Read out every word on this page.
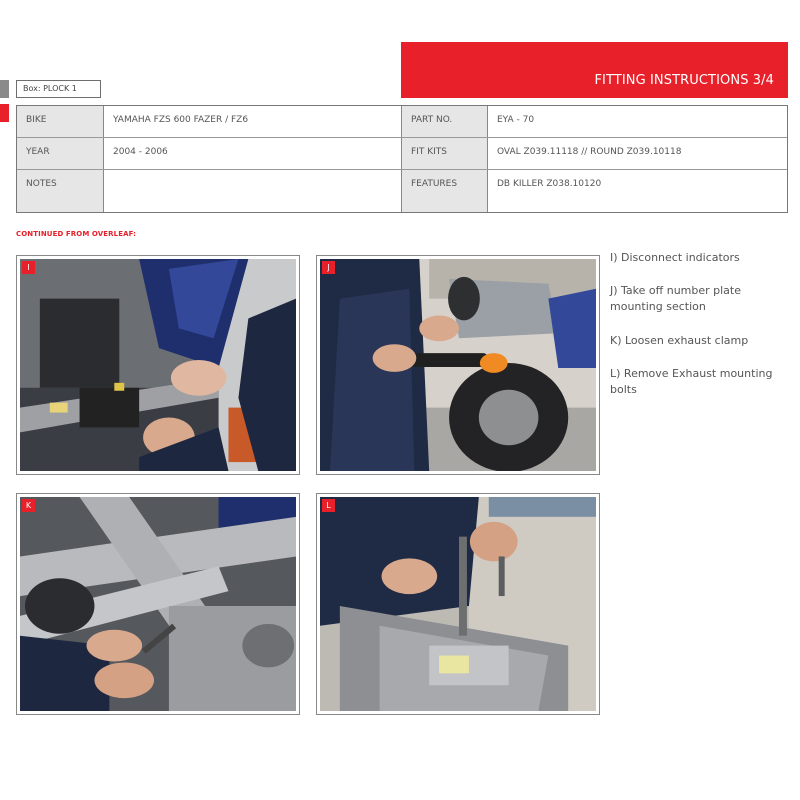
FITTING INSTRUCTIONS 3/4
Box: PLOCK 1
BIKE
YEAR
NOTES
YAMAHA FZS 600 FAZER / FZ6
2004 - 2006
PART NO.
FIT KITS
FEATURES
EYA - 70
OVAL Z039.11118 // ROUND Z039.10118
DB KILLER Z038.10120
CONTINUED FROM OVERLEAF:
I	J
K	L
I) Disconnect indicators
J) Take off number plate mounting section
K) Loosen exhaust clamp
L) Remove Exhaust mounting bolts
